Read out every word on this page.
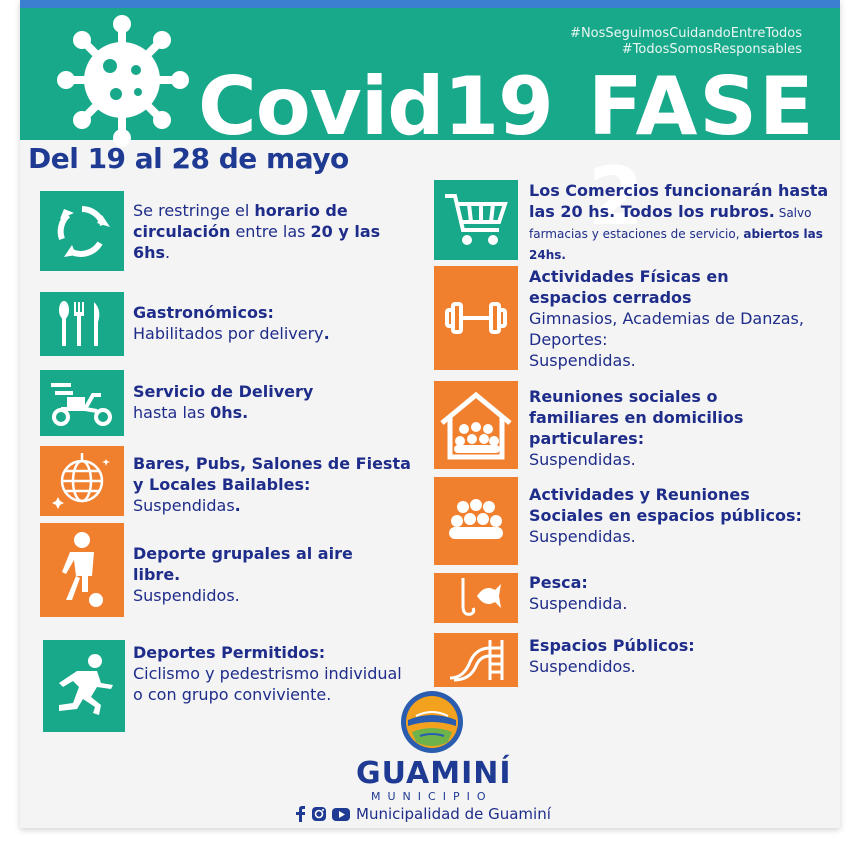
#NosSeguimosCuidandoEntreTodos
#TodosSomosResponsables
Covid19 FASE 2
Del 19 al 28 de mayo
Se restringe el horario de circulación entre las 20 y las 6hs.
Gastronómicos:
Habilitados por delivery.
Servicio de Delivery
hasta las 0hs.
Bares, Pubs, Salones de Fiesta y Locales Bailables:
Suspendidas.
Deporte grupales al aire libre.
Suspendidos.
Deportes Permitidos:
Ciclismo y pedestrismo individual o con grupo conviviente.
Los Comercios funcionarán hasta las 20 hs. Todos los rubros. Salvo farmacias y estaciones de servicio, abiertos las 24hs.
Actividades Físicas en espacios cerrados
Gimnasios, Academias de Danzas, Deportes:
Suspendidas.
Reuniones sociales o familiares en domicilios particulares:
Suspendidas.
Actividades y Reuniones Sociales en espacios públicos:
Suspendidas.
Pesca:
Suspendida.
Espacios Públicos:
Suspendidos.
GUAMINÍ
MUNICIPIO
Municipalidad de Guaminí
